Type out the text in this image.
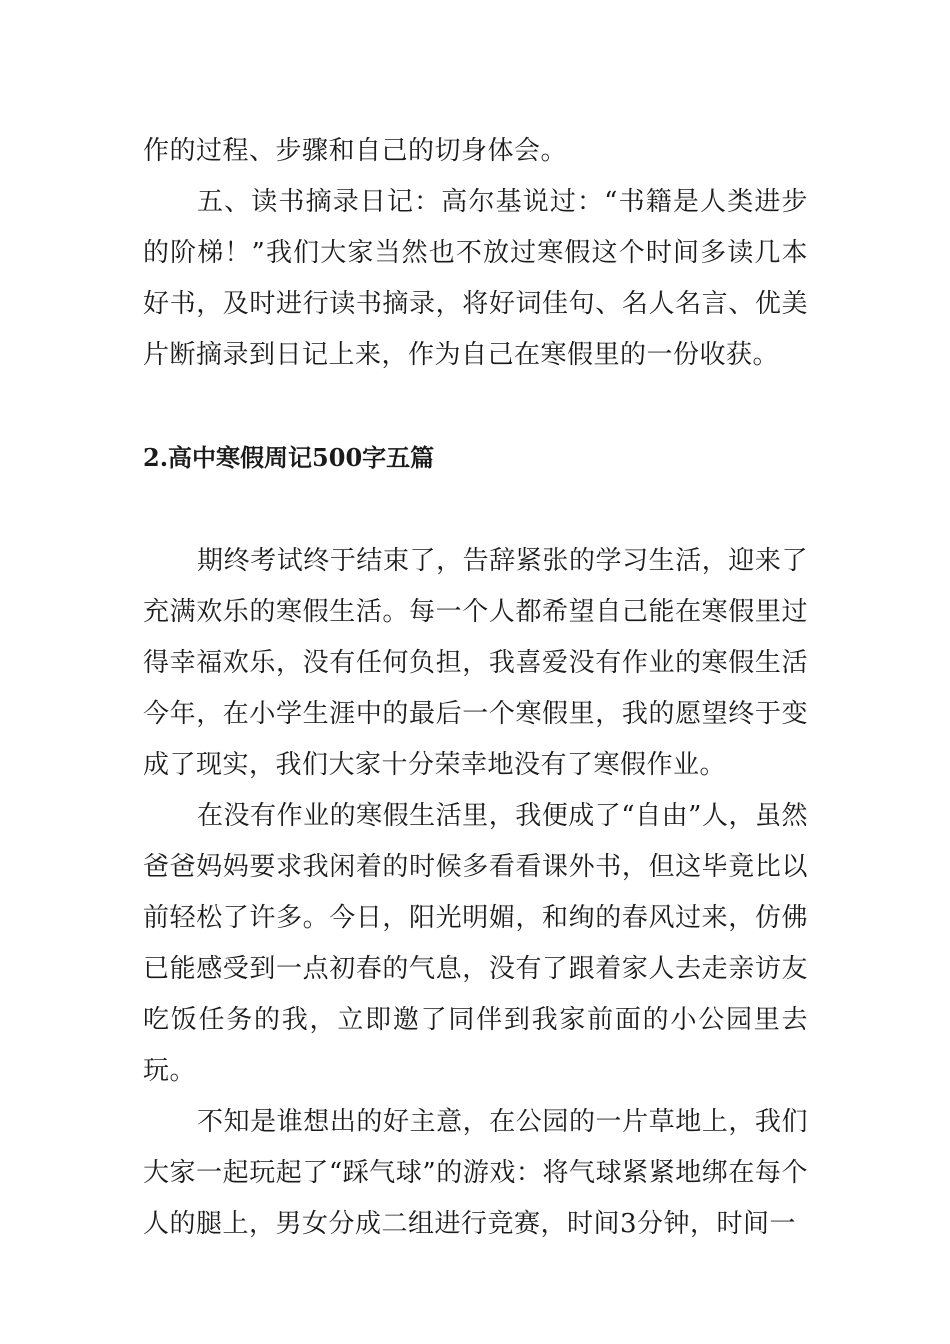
作的过程、步骤和自己的切身体会。

五、读书摘录日记：高尔基说过：“书籍是人类进步的阶梯！”我们大家当然也不放过寒假这个时间多读几本好书，及时进行读书摘录，将好词佳句、名人名言、优美片断摘录到日记上来，作为自己在寒假里的一份收获。

2.高中寒假周记500字五篇

期终考试终于结束了，告辞紧张的学习生活，迎来了充满欢乐的寒假生活。每一个人都希望自己能在寒假里过得幸福欢乐，没有任何负担，我喜爱没有作业的寒假生活今年，在小学生涯中的最后一个寒假里，我的愿望终于变成了现实，我们大家十分荣幸地没有了寒假作业。

在没有作业的寒假生活里，我便成了“自由”人，虽然爸爸妈妈要求我闲着的时候多看看课外书，但这毕竟比以前轻松了许多。今日，阳光明媚，和绚的春风过来，仿佛已能感受到一点初春的气息，没有了跟着家人去走亲访友吃饭任务的我，立即邀了同伴到我家前面的小公园里去玩。

不知是谁想出的好主意，在公园的一片草地上，我们大家一起玩起了“踩气球”的游戏：将气球紧紧地绑在每个人的腿上，男女分成二组进行竞赛，时间3分钟，时间一
